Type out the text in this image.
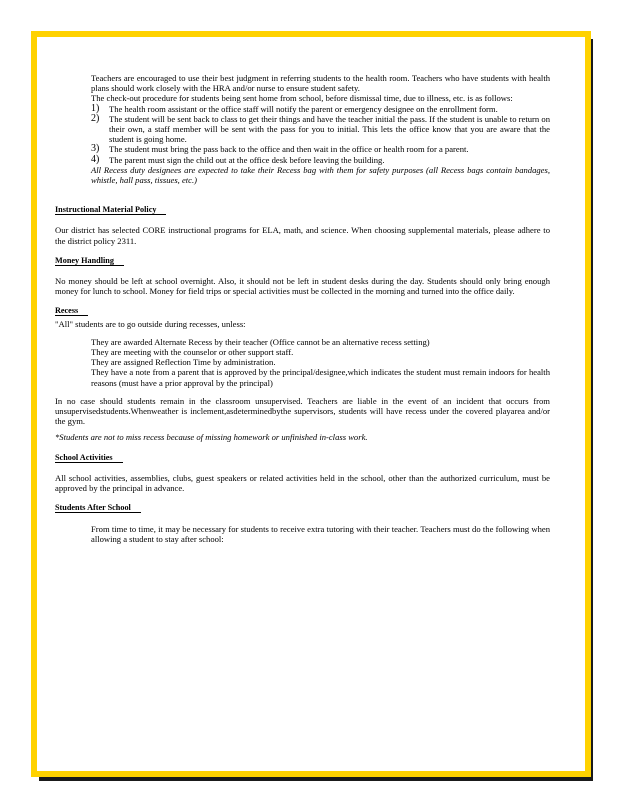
Teachers are encouraged to use their best judgment in referring students to the health room. Teachers who have students with health plans should work closely with the HRA and/or nurse to ensure student safety.

The check-out procedure for students being sent home from school, before dismissal time, due to illness, etc. is as follows:

1) The health room assistant or the office staff will notify the parent or emergency designee on the enrollment form.
2) The student will be sent back to class to get their things and have the teacher initial the pass. If the student is unable to return on their own, a staff member will be sent with the pass for you to initial. This lets the office know that you are aware that the student is going home.
3) The student must bring the pass back to the office and then wait in the office or health room for a parent.
4) The parent must sign the child out at the office desk before leaving the building.

All Recess duty designees are expected to take their Recess bag with them for safety purposes (all Recess bags contain bandages, whistle, hall pass, tissues, etc.)

Instructional Material Policy

Our district has selected CORE instructional programs for ELA, math, and science. When choosing supplemental materials, please adhere to the district policy 2311.

Money Handling

No money should be left at school overnight. Also, it should not be left in student desks during the day. Students should only bring enough money for lunch to school. Money for field trips or special activities must be collected in the morning and turned into the office daily.

Recess

"All" students are to go outside during recesses, unless:

They are awarded Alternate Recess by their teacher (Office cannot be an alternative recess setting)
They are meeting with the counselor or other support staff.
They are assigned Reflection Time by administration.
They have a note from a parent that is approved by the principal/designee,which indicates the student must remain indoors for health reasons (must have a prior approval by the principal)

In no case should students remain in the classroom unsupervised. Teachers are liable in the event of an incident that occurs from unsupervisedstudents.Whenweather is inclement,asdeterminedbythe supervisors, students will have recess under the covered playarea and/or the gym.

*Students are not to miss recess because of missing homework or unfinished in-class work.

School Activities

All school activities, assemblies, clubs, guest speakers or related activities held in the school, other than the authorized curriculum, must be approved by the principal in advance.

Students After School

From time to time, it may be necessary for students to receive extra tutoring with their teacher. Teachers must do the following when allowing a student to stay after school:
